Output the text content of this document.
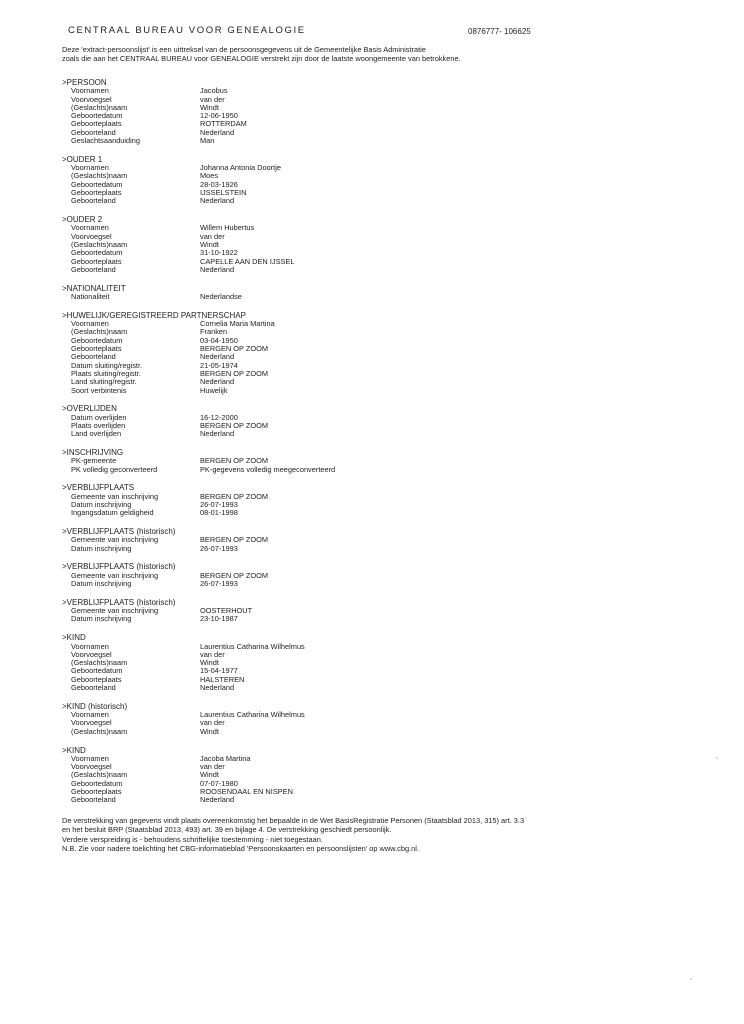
CENTRAAL BUREAU VOOR GENEALOGIE	0876777- 106625
Deze 'extract-persoonslijst' is een uittreksel van de persoonsgegevens uit de Gemeentelijke Basis Administratie
zoals die aan het CENTRAAL BUREAU voor GENEALOGIE verstrekt zijn door de laatste woongemeente van betrokkene.
>PERSOON
Voornamen	Jacobus
Voorvoegsel	van der
(Geslachts)naam	Windt
Geboortedatum	12-06-1950
Geboorteplaats	ROTTERDAM
Geboorteland	Nederland
Geslachtsaanduiding	Man
>OUDER 1
Voornamen	Johanna Antonia Doortje
(Geslachts)naam	Moes
Geboortedatum	28-03-1926
Geboorteplaats	IJSSELSTEIN
Geboorteland	Nederland
>OUDER 2
Voornamen	Willem Hubertus
Voorvoegsel	van der
(Geslachts)naam	Windt
Geboortedatum	31-10-1922
Geboorteplaats	CAPELLE AAN DEN IJSSEL
Geboorteland	Nederland
>NATIONALITEIT
Nationaliteit	Nederlandse
>HUWELIJK/GEREGISTREERD PARTNERSCHAP
Voornamen	Cornelia Maria Martina
(Geslachts)naam	Franken
Geboortedatum	03-04-1950
Geboorteplaats	BERGEN OP ZOOM
Geboorteland	Nederland
Datum sluiting/registr.	21-05-1974
Plaats sluiting/registr.	BERGEN OP ZOOM
Land sluiting/registr.	Nederland
Soort verbintenis	Huwelijk
>OVERLIJDEN
Datum overlijden	16-12-2000
Plaats overlijden	BERGEN OP ZOOM
Land overlijden	Nederland
>INSCHRIJVING
PK-gemeente	BERGEN OP ZOOM
PK volledig geconverteerd	PK-gegevens volledig meegeconverteerd
>VERBLIJFPLAATS
Gemeente van inschrijving	BERGEN OP ZOOM
Datum inschrijving	26-07-1993
Ingangsdatum geldigheid	08-01-1998
>VERBLIJFPLAATS (historisch)
Gemeente van inschrijving	BERGEN OP ZOOM
Datum inschrijving	26-07-1993
>VERBLIJFPLAATS (historisch)
Gemeente van inschrijving	BERGEN OP ZOOM
Datum inschrijving	26-07-1993
>VERBLIJFPLAATS (historisch)
Gemeente van inschrijving	OOSTERHOUT
Datum inschrijving	23-10-1987
>KIND
Voornamen	Laurentius Catharina Wilhelmus
Voorvoegsel	van der
(Geslachts)naam	Windt
Geboortedatum	15-04-1977
Geboorteplaats	HALSTEREN
Geboorteland	Nederland
>KIND (historisch)
Voornamen	Laurentius Catharina Wilhelmus
Voorvoegsel	van der
(Geslachts)naam	Windt
>KIND
Voornamen	Jacoba Martina
Voorvoegsel	van der
(Geslachts)naam	Windt
Geboortedatum	07-07-1980
Geboorteplaats	ROOSENDAAL EN NISPEN
Geboorteland	Nederland
De verstrekking van gegevens vindt plaats overeenkomstig het bepaalde in de Wet BasisRegistratie Personen (Staatsblad 2013, 315) art. 3.3
en het besluit BRP (Staatsblad 2013, 493) art. 39 en bijlage 4. De verstrekking geschiedt persoonlijk.
Verdere verspreiding is - behoudens schriftelijke toestemming - niet toegestaan.
N.B. Zie voor nadere toelichting het CBG-informatieblad 'Persoonskaarten en persoonslijsten' op www.cbg.nl.
